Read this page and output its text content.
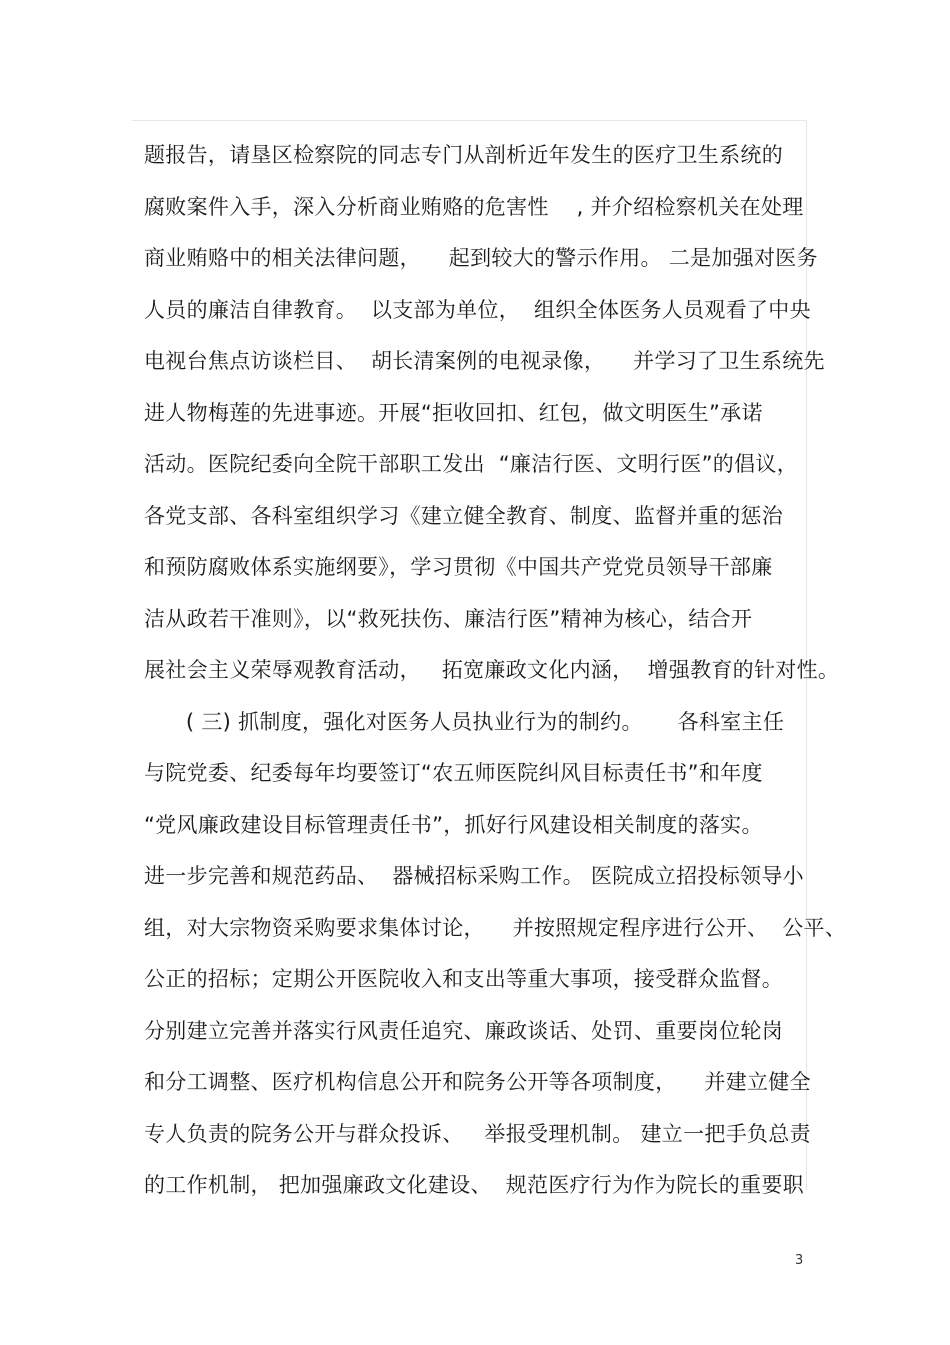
题报告，请垦区检察院的同志专门从剖析近年发生的医疗卫生系统的
腐败案件入手，深入分析商业贿赂的危害性    , 并介绍检察机关在处理
商业贿赂中的相关法律问题，    起到较大的警示作用。 二是加强对医务
人员的廉洁自律教育。  以支部为单位，  组织全体医务人员观看了中央
电视台焦点访谈栏目、  胡长清案例的电视录像，    并学习了卫生系统先
进人物梅莲的先进事迹。开展“拒收回扣、红包，做文明医生”承诺
活动。医院纪委向全院干部职工发出  “廉洁行医、文明行医”的倡议，
各党支部、各科室组织学习《建立健全教育、制度、监督并重的惩治
和预防腐败体系实施纲要》，学习贯彻《中国共产党党员领导干部廉
洁从政若干准则》，以“救死扶伤、廉洁行医”精神为核心，结合开
展社会主义荣辱观教育活动，   拓宽廉政文化内涵，  增强教育的针对性。
( 三) 抓制度，强化对医务人员执业行为的制约。     各科室主任
与院党委、纪委每年均要签订“农五师医院纠风目标责任书”和年度
“党风廉政建设目标管理责任书”，抓好行风建设相关制度的落实。
进一步完善和规范药品、  器械招标采购工作。 医院成立招投标领导小
组，对大宗物资采购要求集体讨论，    并按照规定程序进行公开、  公平、
公正的招标；定期公开医院收入和支出等重大事项，接受群众监督。
分别建立完善并落实行风责任追究、廉政谈话、处罚、重要岗位轮岗
和分工调整、医疗机构信息公开和院务公开等各项制度，    并建立健全
专人负责的院务公开与群众投诉、   举报受理机制。 建立一把手负总责
的工作机制， 把加强廉政文化建设、  规范医疗行为作为院长的重要职
3
